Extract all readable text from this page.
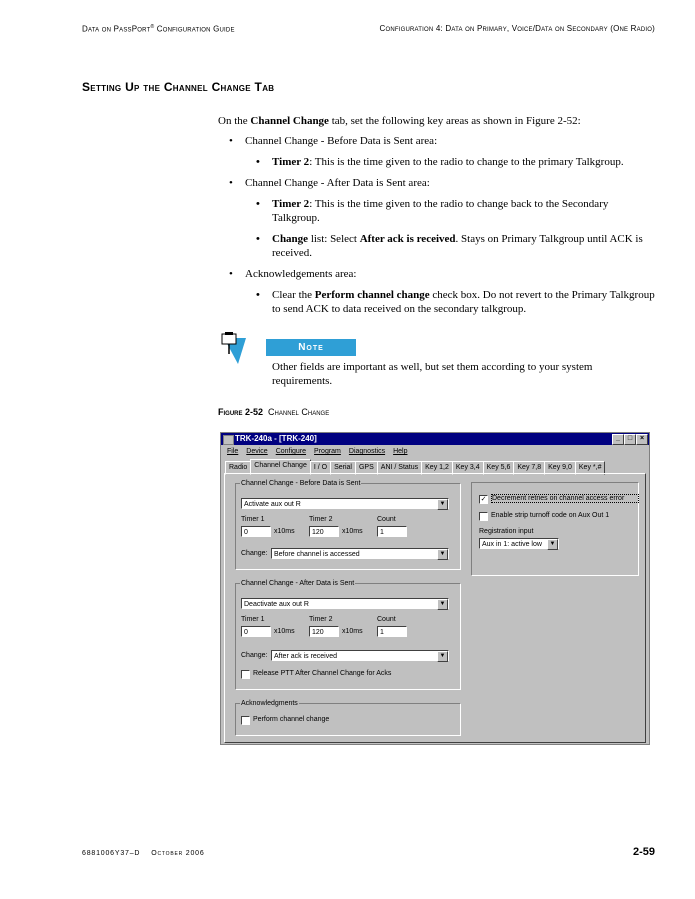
Data on PassPort® Configuration Guide	Configuration 4: Data on Primary, Voice/Data on Secondary (One Radio)
Setting Up the Channel Change Tab

On the Channel Change tab, set the following key areas as shown in Figure 2-52:

• Channel Change - Before Data is Sent area:
• Timer 2: This is the time given to the radio to change to the primary Talkgroup.
• Channel Change - After Data is Sent area:
• Timer 2: This is the time given to the radio to change back to the Secondary Talkgroup.
• Change list: Select After ack is received. Stays on Primary Talkgroup until ACK is received.
• Acknowledgements area:
• Clear the Perform channel change check box. Do not revert to the Primary Talkgroup to send ACK to data received on the secondary talkgroup.
Note
Other fields are important as well, but set them according to your system requirements.
Figure 2-52 Channel Change
TRK-240a - [TRK-240]	_	□	×
File Device Configure Program Diagnostics Help
Radio Channel Change I / O Serial GPS ANI / Status Key 1,2 Key 3,4 Key 5,6 Key 7,8 Key 9,0 Key *,#
Channel Change - Before Data is Sent
Activate aux out R	▼
Timer 1	Timer 2	Count
0	x10ms	120	x10ms	1
Change: Before channel is accessed	▼
Channel Change - After Data is Sent
Deactivate aux out R	▼
Timer 1	Timer 2	Count
0	x10ms	120	x10ms	1
Change: After ack is received	▼
Release PTT After Channel Change for Acks
Acknowledgments
Perform channel change
✓ Decrement retries on channel access error
Enable strip turnoff code on Aux Out 1
Registration input
Aux in 1: active low	▼
6881006Y37–D    October 2006	2-59
